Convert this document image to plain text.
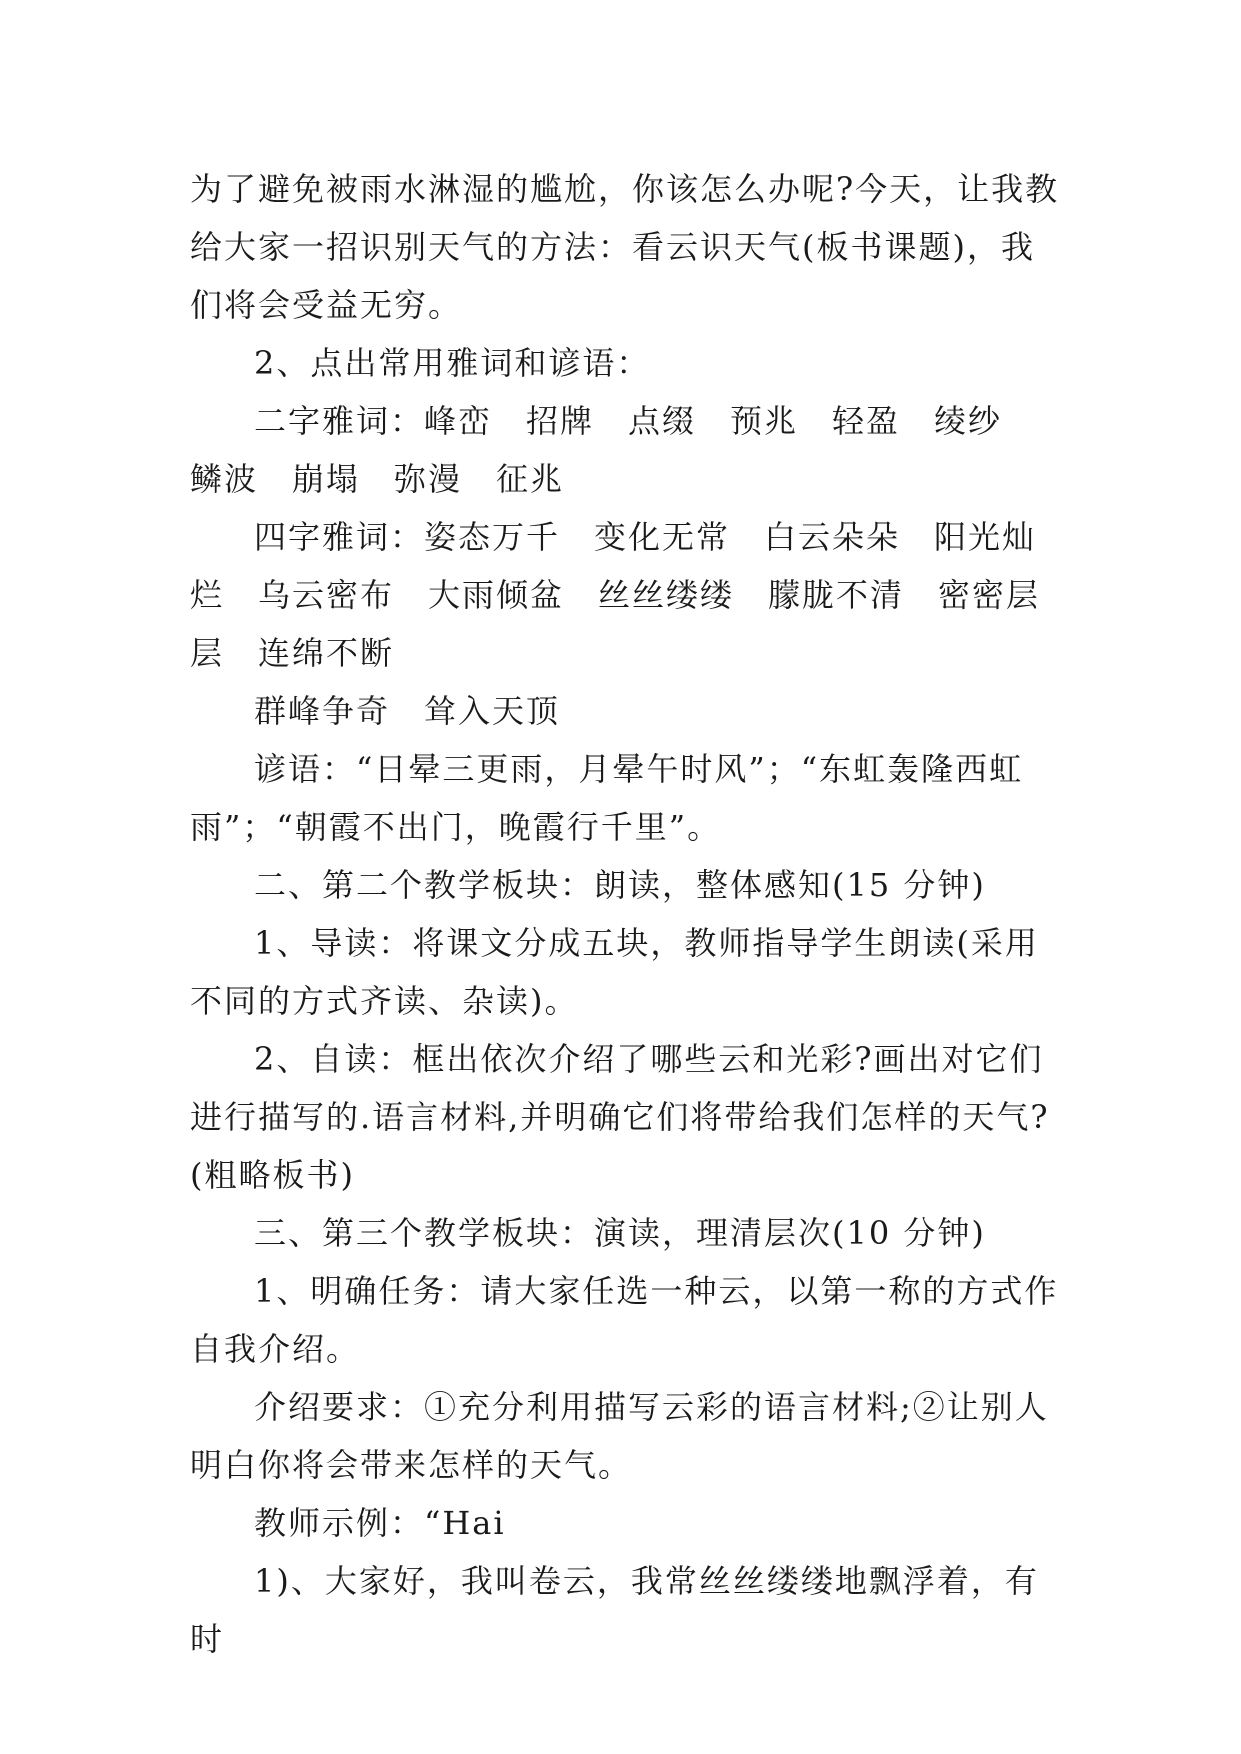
为了避免被雨水淋湿的尴尬，你该怎么办呢?今天，让我教给大家一招识别天气的方法：看云识天气(板书课题)，我们将会受益无穷。

2、点出常用雅词和谚语：

二字雅词：峰峦　招牌　点缀　预兆　轻盈　绫纱　鳞波　崩塌　弥漫　征兆

四字雅词：姿态万千　变化无常　白云朵朵　阳光灿烂　乌云密布　大雨倾盆　丝丝缕缕　朦胧不清　密密层层　连绵不断

群峰争奇　耸入天顶

谚语：“日晕三更雨，月晕午时风”；“东虹轰隆西虹雨”；“朝霞不出门，晚霞行千里”。

二、第二个教学板块：朗读，整体感知(15 分钟)

1、导读：将课文分成五块，教师指导学生朗读(采用不同的方式齐读、杂读)。

2、自读：框出依次介绍了哪些云和光彩?画出对它们进行描写的.语言材料,并明确它们将带给我们怎样的天气?(粗略板书)

三、第三个教学板块：演读，理清层次(10 分钟)

1、明确任务：请大家任选一种云，以第一称的方式作自我介绍。

介绍要求：①充分利用描写云彩的语言材料;②让别人明白你将会带来怎样的天气。

教师示例：“Hai

1)、大家好，我叫卷云，我常丝丝缕缕地飘浮着，有时
